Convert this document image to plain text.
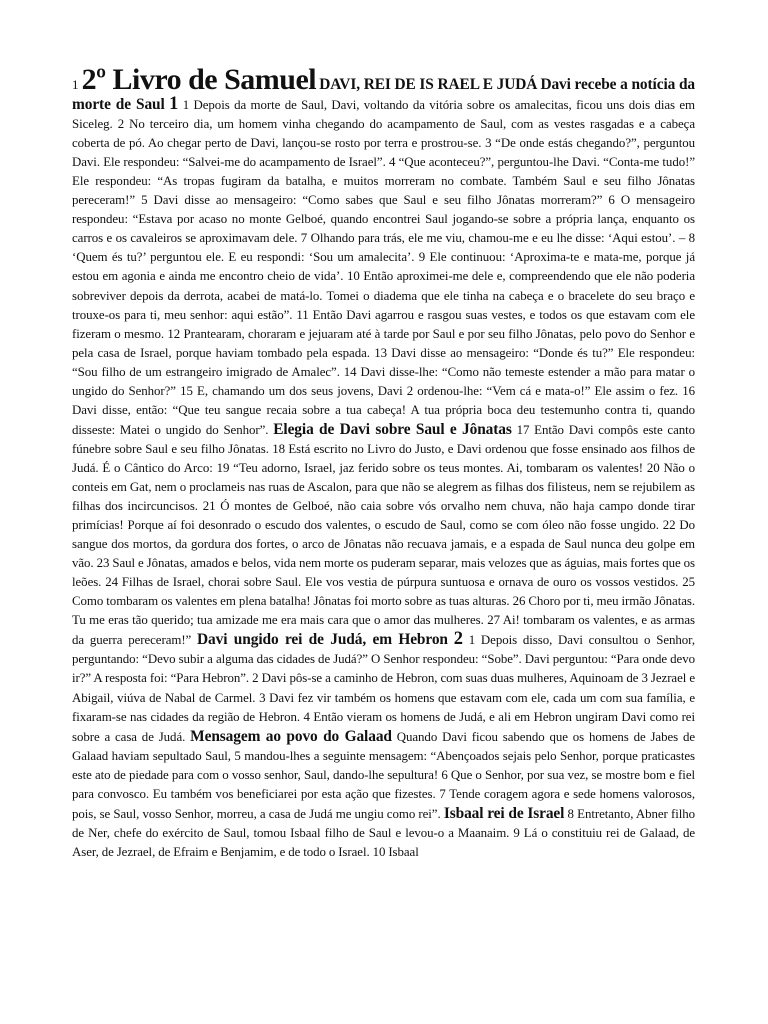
1 2º Livro de Samuel DAVI, REI DE IS RAEL E JUDÁ Davi recebe a notícia da morte de Saul 1 1 Depois da morte de Saul, Davi, voltando da vitória sobre os amalecitas, ficou uns dois dias em Siceleg. 2 No terceiro dia, um homem vinha chegando do acampamento de Saul, com as vestes rasgadas e a cabeça coberta de pó. Ao chegar perto de Davi, lançou-se rosto por terra e prostrou-se. 3 “De onde estás chegando?”, perguntou Davi. Ele respondeu: “Salvei-me do acampamento de Israel”. 4 “Que aconteceu?”, perguntou-lhe Davi. “Conta-me tudo!” Ele respondeu: “As tropas fugiram da batalha, e muitos morreram no combate. Também Saul e seu filho Jônatas pereceram!” 5 Davi disse ao mensageiro: “Como sabes que Saul e seu filho Jônatas morreram?” 6 O mensageiro respondeu: “Estava por acaso no monte Gelboé, quando encontrei Saul jogando-se sobre a própria lança, enquanto os carros e os cavaleiros se aproximavam dele. 7 Olhando para trás, ele me viu, chamou-me e eu lhe disse: ‘Aqui estou’. – 8 ‘Quem és tu?’ perguntou ele. E eu respondi: ‘Sou um amalecita’. 9 Ele continuou: ‘Aproxima-te e mata-me, porque já estou em agonia e ainda me encontro cheio de vida’. 10 Então aproximei-me dele e, compreendendo que ele não poderia sobreviver depois da derrota, acabei de matá-lo. Tomei o diadema que ele tinha na cabeça e o bracelete do seu braço e trouxe-os para ti, meu senhor: aqui estão”. 11 Então Davi agarrou e rasgou suas vestes, e todos os que estavam com ele fizeram o mesmo. 12 Prantearam, choraram e jejuaram até à tarde por Saul e por seu filho Jônatas, pelo povo do Senhor e pela casa de Israel, porque haviam tombado pela espada. 13 Davi disse ao mensageiro: “Donde és tu?” Ele respondeu: “Sou filho de um estrangeiro imigrado de Amalec”. 14 Davi disse-lhe: “Como não temeste estender a mão para matar o ungido do Senhor?” 15 E, chamando um dos seus jovens, Davi 2 ordenou-lhe: “Vem cá e mata-o!” Ele assim o fez. 16 Davi disse, então: “Que teu sangue recaia sobre a tua cabeça! A tua própria boca deu testemunho contra ti, quando disseste: Matei o ungido do Senhor”. Elegia de Davi sobre Saul e Jônatas 17 Então Davi compôs este canto fúnebre sobre Saul e seu filho Jônatas. 18 Está escrito no Livro do Justo, e Davi ordenou que fosse ensinado aos filhos de Judá. É o Cântico do Arco: 19 “Teu adorno, Israel, jaz ferido sobre os teus montes. Ai, tombaram os valentes! 20 Não o conteis em Gat, nem o proclameis nas ruas de Ascalon, para que não se alegrem as filhas dos filisteus, nem se rejubilem as filhas dos incircuncisos. 21 Ó montes de Gelboé, não caia sobre vós orvalho nem chuva, não haja campo donde tirar primícias! Porque aí foi desonrado o escudo dos valentes, o escudo de Saul, como se com óleo não fosse ungido. 22 Do sangue dos mortos, da gordura dos fortes, o arco de Jônatas não recuava jamais, e a espada de Saul nunca deu golpe em vão. 23 Saul e Jônatas, amados e belos, vida nem morte os puderam separar, mais velozes que as águias, mais fortes que os leões. 24 Filhas de Israel, chorai sobre Saul. Ele vos vestia de púrpura suntuosa e ornava de ouro os vossos vestidos. 25 Como tombaram os valentes em plena batalha! Jônatas foi morto sobre as tuas alturas. 26 Choro por ti, meu irmão Jônatas. Tu me eras tão querido; tua amizade me era mais cara que o amor das mulheres. 27 Ai! tombaram os valentes, e as armas da guerra pereceram!” Davi ungido rei de Judá, em Hebron 2 1 Depois disso, Davi consultou o Senhor, perguntando: “Devo subir a alguma das cidades de Judá?” O Senhor respondeu: “Sobe”. Davi perguntou: “Para onde devo ir?” A resposta foi: “Para Hebron”. 2 Davi pôs-se a caminho de Hebron, com suas duas mulheres, Aquinoam de 3 Jezrael e Abigail, viúva de Nabal de Carmel. 3 Davi fez vir também os homens que estavam com ele, cada um com sua família, e fixaram-se nas cidades da região de Hebron. 4 Então vieram os homens de Judá, e ali em Hebron ungiram Davi como rei sobre a casa de Judá. Mensagem ao povo do Galaad Quando Davi ficou sabendo que os homens de Jabes de Galaad haviam sepultado Saul, 5 mandou-lhes a seguinte mensagem: “Abençoados sejais pelo Senhor, porque praticastes este ato de piedade para com o vosso senhor, Saul, dando-lhe sepultura! 6 Que o Senhor, por sua vez, se mostre bom e fiel para convosco. Eu também vos beneficiarei por esta ação que fizestes. 7 Tende coragem agora e sede homens valorosos, pois, se Saul, vosso Senhor, morreu, a casa de Judá me ungiu como rei”. Isbaal rei de Israel 8 Entretanto, Abner filho de Ner, chefe do exército de Saul, tomou Isbaal filho de Saul e levou-o a Maanaim. 9 Lá o constituiu rei de Galaad, de Aser, de Jezrael, de Efraim e Benjamim, e de todo o Israel. 10 Isbaal
